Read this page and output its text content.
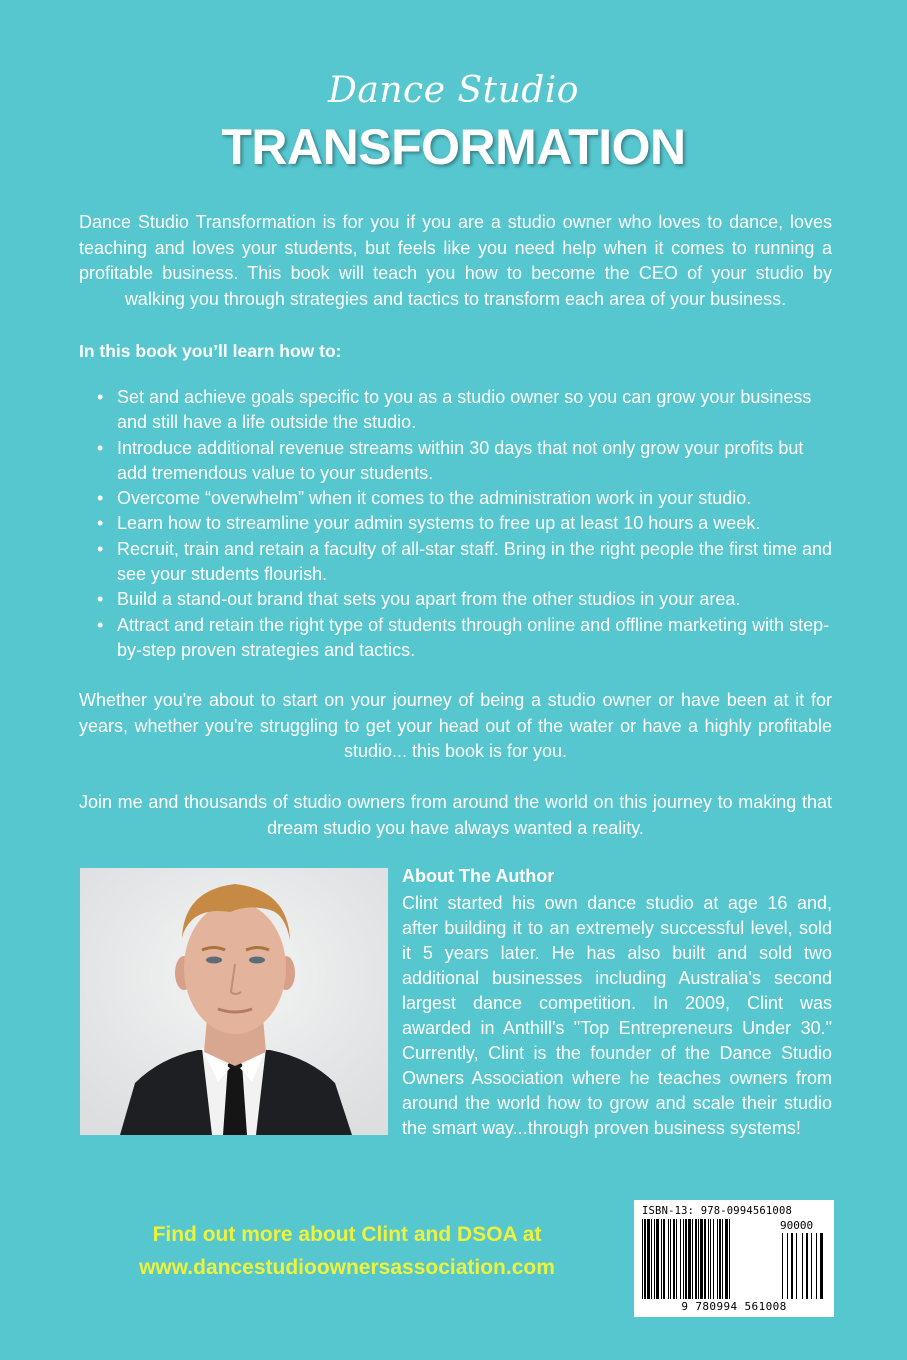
Dance Studio
TRANSFORMATION
Dance Studio Transformation is for you if you are a studio owner who loves to dance, loves teaching and loves your students, but feels like you need help when it comes to running a profitable business. This book will teach you how to become the CEO of your studio by walking you through strategies and tactics to transform each area of your business.
In this book you’ll learn how to:
• Set and achieve goals specific to you as a studio owner so you can grow your business and still have a life outside the studio.
• Introduce additional revenue streams within 30 days that not only grow your profits but add tremendous value to your students.
• Overcome “overwhelm” when it comes to the administration work in your studio.
• Learn how to streamline your admin systems to free up at least 10 hours a week.
• Recruit, train and retain a faculty of all-star staff. Bring in the right people the first time and see your students flourish.
• Build a stand-out brand that sets you apart from the other studios in your area.
• Attract and retain the right type of students through online and offline marketing with step-by-step proven strategies and tactics.
Whether you're about to start on your journey of being a studio owner or have been at it for years, whether you're struggling to get your head out of the water or have a highly profitable studio... this book is for you.
Join me and thousands of studio owners from around the world on this journey to making that dream studio you have always wanted a reality.
About The Author
Clint started his own dance studio at age 16 and, after building it to an extremely successful level, sold it 5 years later. He has also built and sold two additional businesses including Australia's second largest dance competition. In 2009, Clint was awarded in Anthill's "Top Entrepreneurs Under 30." Currently, Clint is the founder of the Dance Studio Owners Association where he teaches owners from around the world how to grow and scale their studio the smart way...through proven business systems!
Find out more about Clint and DSOA at
www.dancestudioownersassociation.com
ISBN-13: 978-0994561008
90000
9 780994 561008
